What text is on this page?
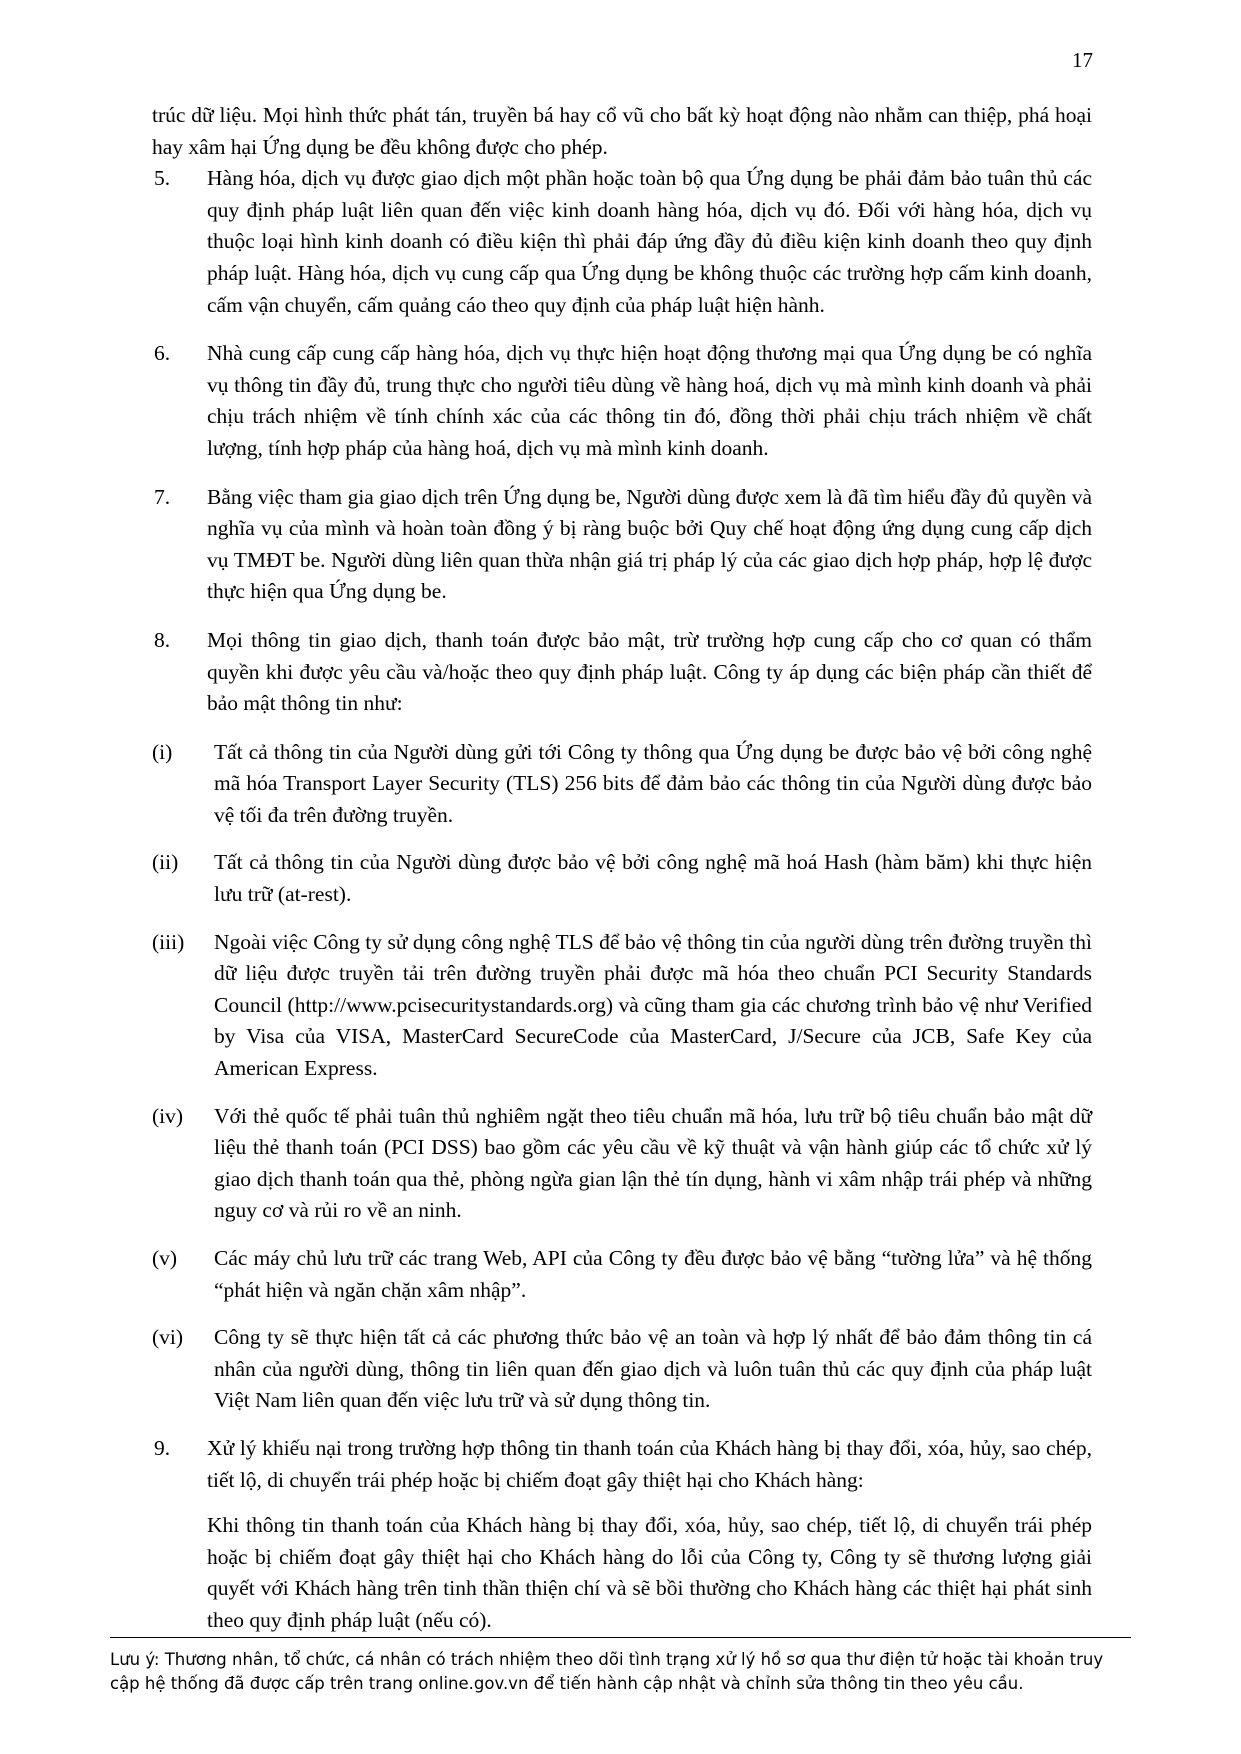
17

trúc dữ liệu. Mọi hình thức phát tán, truyền bá hay cổ vũ cho bất kỳ hoạt động nào nhằm can thiệp, phá hoại hay xâm hại Ứng dụng be đều không được cho phép.

5.	Hàng hóa, dịch vụ được giao dịch một phần hoặc toàn bộ qua Ứng dụng be phải đảm bảo tuân thủ các quy định pháp luật liên quan đến việc kinh doanh hàng hóa, dịch vụ đó. Đối với hàng hóa, dịch vụ thuộc loại hình kinh doanh có điều kiện thì phải đáp ứng đầy đủ điều kiện kinh doanh theo quy định pháp luật. Hàng hóa, dịch vụ cung cấp qua Ứng dụng be không thuộc các trường hợp cấm kinh doanh, cấm vận chuyển, cấm quảng cáo theo quy định của pháp luật hiện hành.
6.	Nhà cung cấp cung cấp hàng hóa, dịch vụ thực hiện hoạt động thương mại qua Ứng dụng be có nghĩa vụ thông tin đầy đủ, trung thực cho người tiêu dùng về hàng hoá, dịch vụ mà mình kinh doanh và phải chịu trách nhiệm về tính chính xác của các thông tin đó, đồng thời phải chịu trách nhiệm về chất lượng, tính hợp pháp của hàng hoá, dịch vụ mà mình kinh doanh.
7.	Bằng việc tham gia giao dịch trên Ứng dụng be, Người dùng được xem là đã tìm hiểu đầy đủ quyền và nghĩa vụ của mình và hoàn toàn đồng ý bị ràng buộc bởi Quy chế hoạt động ứng dụng cung cấp dịch vụ TMĐT be. Người dùng liên quan thừa nhận giá trị pháp lý của các giao dịch hợp pháp, hợp lệ được thực hiện qua Ứng dụng be.
8.	Mọi thông tin giao dịch, thanh toán được bảo mật, trừ trường hợp cung cấp cho cơ quan có thẩm quyền khi được yêu cầu và/hoặc theo quy định pháp luật. Công ty áp dụng các biện pháp cần thiết để bảo mật thông tin như:
(i)	Tất cả thông tin của Người dùng gửi tới Công ty thông qua Ứng dụng be được bảo vệ bởi công nghệ mã hóa Transport Layer Security (TLS) 256 bits để đảm bảo các thông tin của Người dùng được bảo vệ tối đa trên đường truyền.
(ii)	Tất cả thông tin của Người dùng được bảo vệ bởi công nghệ mã hoá Hash (hàm băm) khi thực hiện lưu trữ (at-rest).
(iii)	Ngoài việc Công ty sử dụng công nghệ TLS để bảo vệ thông tin của người dùng trên đường truyền thì dữ liệu được truyền tải trên đường truyền phải được mã hóa theo chuẩn PCI Security Standards Council (http://www.pcisecuritystandards.org) và cũng tham gia các chương trình bảo vệ như Verified by Visa của VISA, MasterCard SecureCode của MasterCard, J/Secure của JCB, Safe Key của American Express.
(iv)	Với thẻ quốc tế phải tuân thủ nghiêm ngặt theo tiêu chuẩn mã hóa, lưu trữ bộ tiêu chuẩn bảo mật dữ liệu thẻ thanh toán (PCI DSS) bao gồm các yêu cầu về kỹ thuật và vận hành giúp các tổ chức xử lý giao dịch thanh toán qua thẻ, phòng ngừa gian lận thẻ tín dụng, hành vi xâm nhập trái phép và những nguy cơ và rủi ro về an ninh.
(v)	Các máy chủ lưu trữ các trang Web, API của Công ty đều được bảo vệ bằng “tường lửa” và hệ thống “phát hiện và ngăn chặn xâm nhập”.
(vi)	Công ty sẽ thực hiện tất cả các phương thức bảo vệ an toàn và hợp lý nhất để bảo đảm thông tin cá nhân của người dùng, thông tin liên quan đến giao dịch và luôn tuân thủ các quy định của pháp luật Việt Nam liên quan đến việc lưu trữ và sử dụng thông tin.
9.	Xử lý khiếu nại trong trường hợp thông tin thanh toán của Khách hàng bị thay đổi, xóa, hủy, sao chép, tiết lộ, di chuyển trái phép hoặc bị chiếm đoạt gây thiệt hại cho Khách hàng:
Khi thông tin thanh toán của Khách hàng bị thay đổi, xóa, hủy, sao chép, tiết lộ, di chuyển trái phép hoặc bị chiếm đoạt gây thiệt hại cho Khách hàng do lỗi của Công ty, Công ty sẽ thương lượng giải quyết với Khách hàng trên tinh thần thiện chí và sẽ bồi thường cho Khách hàng các thiệt hại phát sinh theo quy định pháp luật (nếu có).
Lưu ý: Thương nhân, tổ chức, cá nhân có trách nhiệm theo dõi tình trạng xử lý hồ sơ qua thư điện tử hoặc tài khoản truy cập hệ thống đã được cấp trên trang online.gov.vn để tiến hành cập nhật và chỉnh sửa thông tin theo yêu cầu.
